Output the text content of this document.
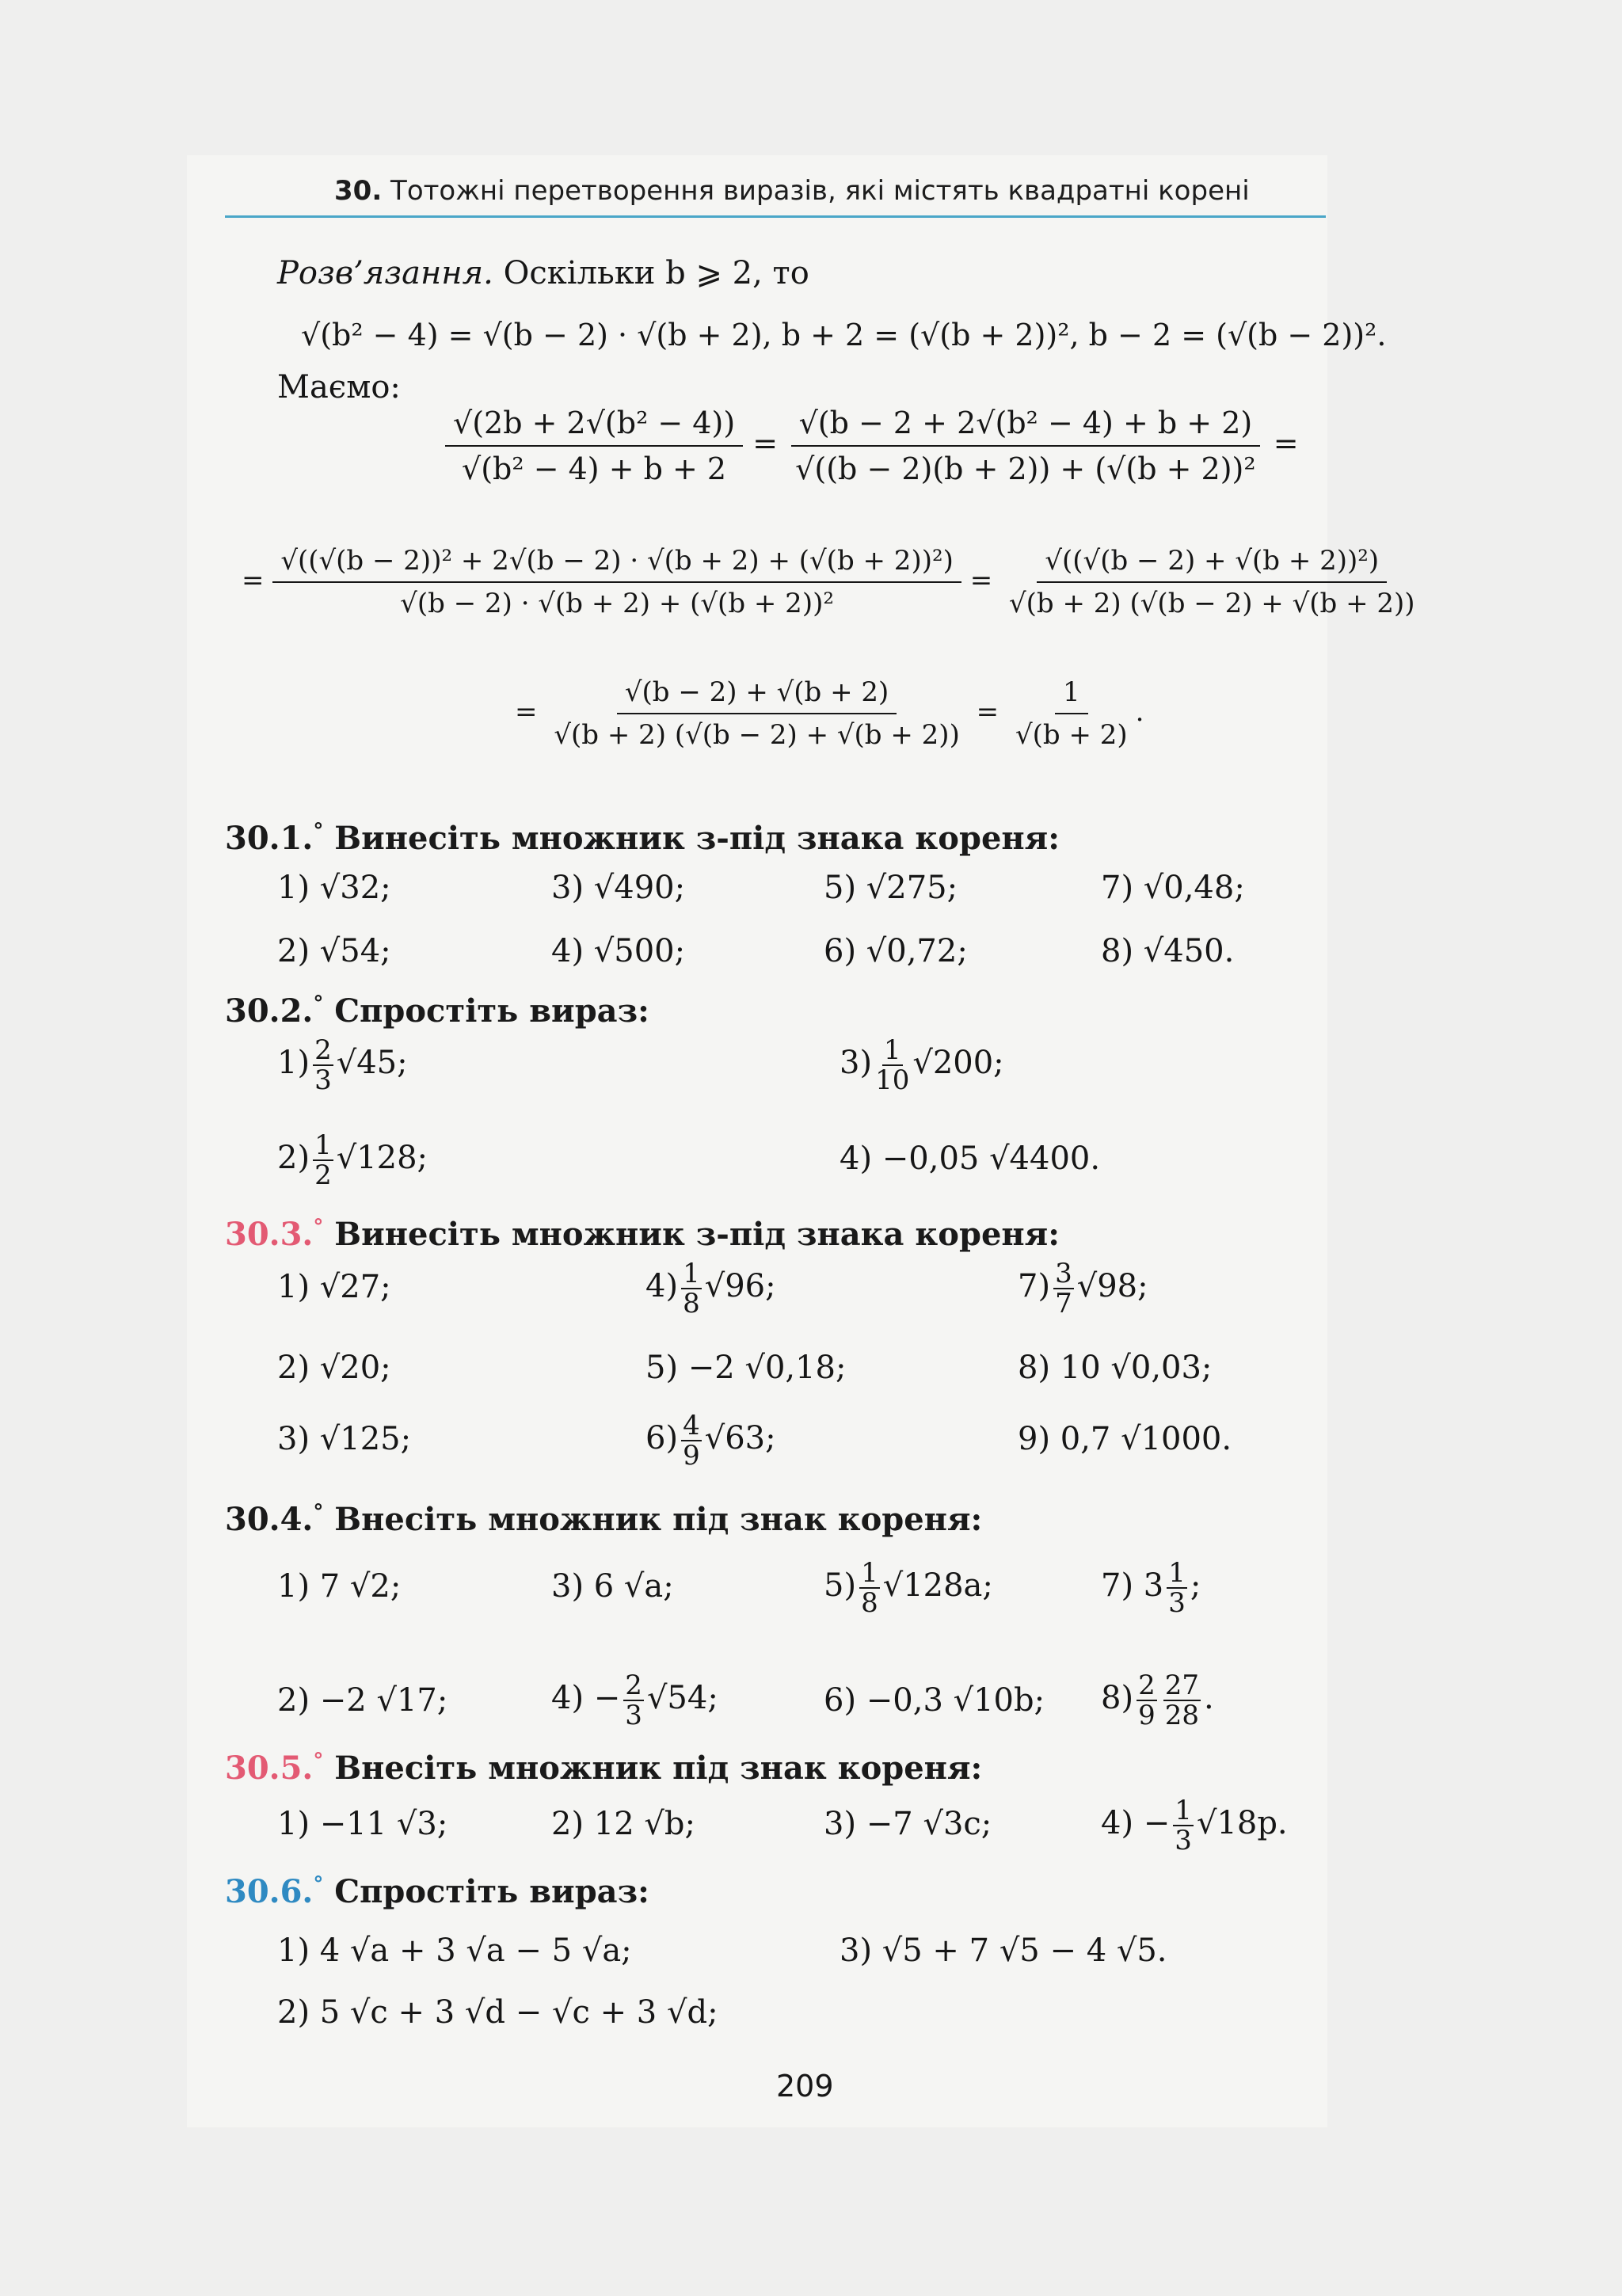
30. Тотожні перетворення виразів, які містять квадратні корені
Розв’язання. Оскільки b ⩾ 2, то
√(b² − 4) = √(b − 2) · √(b + 2), b + 2 = (√(b + 2))², b − 2 = (√(b − 2))².
Маємо:
$\frac{\text{√(2b + 2√(b² − 4))}}{\text{√(b² − 4) + b + 2}} = \frac{\text{√(b − 2 + 2√(b² − 4) + b + 2)}}{\text{√((b − 2)(b + 2)) + (√(b + 2))²}}$ =
= $\frac{\text{√((√(b − 2))² + 2√(b − 2) · √(b + 2) + (√(b + 2))²)}}{\text{√(b − 2) · √(b + 2) + (√(b + 2))²}} = \frac{\text{√((√(b − 2) + √(b + 2))²)}}{√(b + 2) (√(b - 2) + √(b + 2))}$
= $\frac{√(b - 2) + √(b + 2)}{√(b + 2) (√(b - 2) + √(b + 2))} = \frac{1}{√(b + 2)}$ .
30.1.° Винесіть множник з-під знака кореня:
1) √32;	3) √490;	5) √275;	7) √0,48;
2) √54;	4) √500;	6) √0,72;	8) √450.
30.2.° Спростіть вираз:
$1) \frac{2}{3} √45$;	$3) \frac{1}{10} √200$;
$2) \frac{1}{2} √128$;	4) −0,05 √4400.
30.3.° Винесіть множник з-під знака кореня:
1) √27;	$4) \frac{1}{8} √96$;	$7) \frac{3}{7} √98$;
2) √20;	5) −2 √0,18;	8) 10 √0,03;
3) √125;	$6) \frac{4}{9} √63$;	9) 0,7 √1000.
30.4.° Внесіть множник під знак кореня:
1) 7 √2;	3) 6 √a;	$5) \frac{1}{8} √128a$;	7) $3 \frac{1}{3}$ ;
2) −2 √17;	$4) - \frac{2}{3} √54$;	6) −0,3 √10b; $8) \frac{2}{9} \frac{27}{28}$ .
30.5.° Внесіть множник під знак кореня:
1) −11 √3;	2) 12 √b;	3) −7 √3c;	$4) - \frac{1}{3} √18p$.
30.6.° Спростіть вираз:
1) 4 √a + 3 √a − 5 √a;	3) √5 + 7 √5 − 4 √5.
2) 5 √c + 3 √d − √c + 3 √d;
209
